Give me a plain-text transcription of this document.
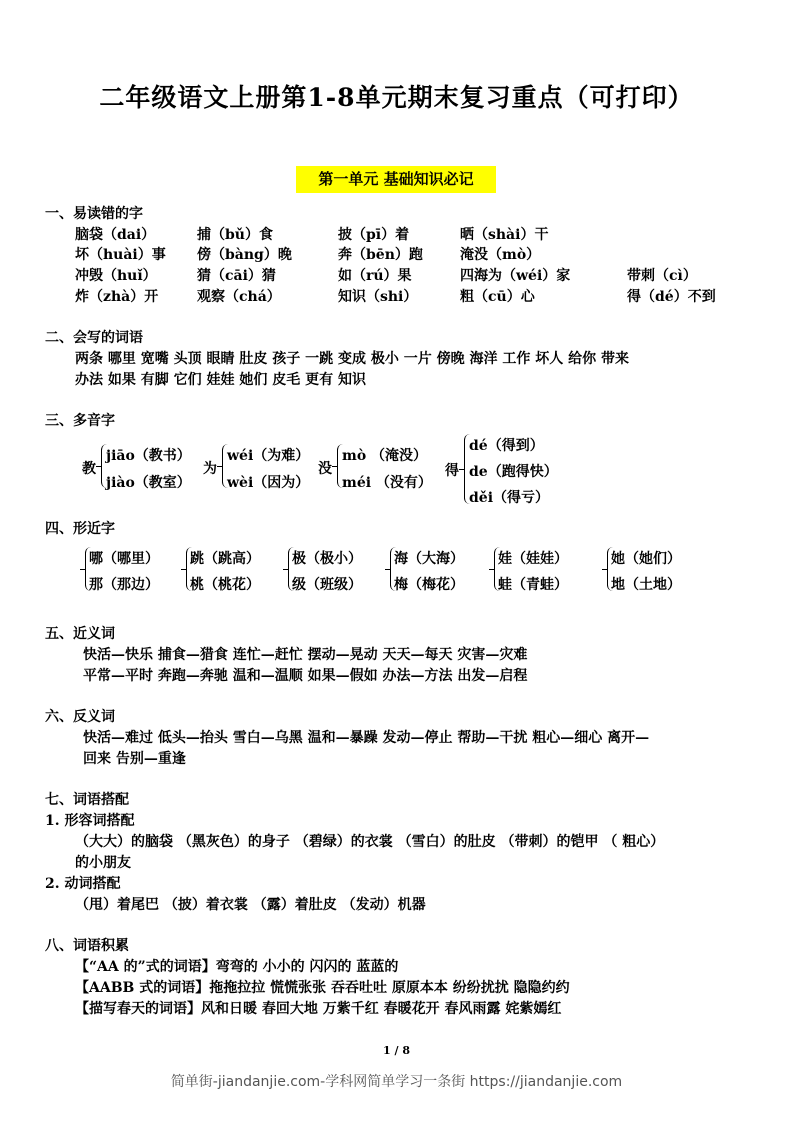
二年级语文上册第1-8单元期末复习重点（可打印）
第一单元 基础知识必记
一、易读错的字
脑袋（dai）	捕（bǔ）食	披（pī）着	晒（shài）干
坏（huài）事 傍（bàng）晚	奔（bēn）跑	淹没（mò）
冲毁（huǐ）	猜（cāi）猜	如（rú）果	四海为（wéi）家	带刺（cì）
炸（zhà）开	观察（chá）	知识（shi）	粗（cū）心	得（dé）不到
二、会写的词语
两条 哪里 宽嘴 头顶 眼睛 肚皮 孩子 一跳 变成 极小 一片 傍晚 海洋 工作 坏人 给你 带来
办法 如果 有脚 它们 娃娃 她们 皮毛 更有 知识
三、多音字
教
jiāo（教书）
jiào（教室）
为
wéi（为难）
wèi（因为）
没
mò （淹没）
méi （没有）
得
dé（得到）
de（跑得快）
děi（得亏）
四、形近字
哪（哪里）
那（那边）
跳（跳高）
桃（桃花）
极（极小）
级（班级）
海（大海）
梅（梅花）
娃（娃娃）
蛙（青蛙）
她（她们）
地（土地）
五、近义词
快活—快乐 捕食—猎食 连忙—赶忙 摆动—晃动 天天—每天 灾害—灾难
平常—平时 奔跑—奔驰 温和—温顺 如果—假如 办法—方法 出发—启程
六、反义词
快活—难过 低头—抬头 雪白—乌黑 温和—暴躁 发动—停止 帮助—干扰 粗心—细心 离开—
回来 告别—重逢
七、词语搭配
1. 形容词搭配
（大大）的脑袋 （黑灰色）的身子 （碧绿）的衣裳 （雪白）的肚皮 （带刺）的铠甲 （ 粗心）
的小朋友
2. 动词搭配
（甩）着尾巴 （披）着衣裳 （露）着肚皮 （发动）机器
八、词语积累
【“AA 的”式的词语】弯弯的 小小的 闪闪的 蓝蓝的
【AABB 式的词语】拖拖拉拉 慌慌张张 吞吞吐吐 原原本本 纷纷扰扰 隐隐约约
【描写春天的词语】风和日暖 春回大地 万紫千红 春暖花开 春风雨露 姹紫嫣红
1 / 8
简单街-jiandanjie.com-学科网简单学习一条街 https://jiandanjie.com
